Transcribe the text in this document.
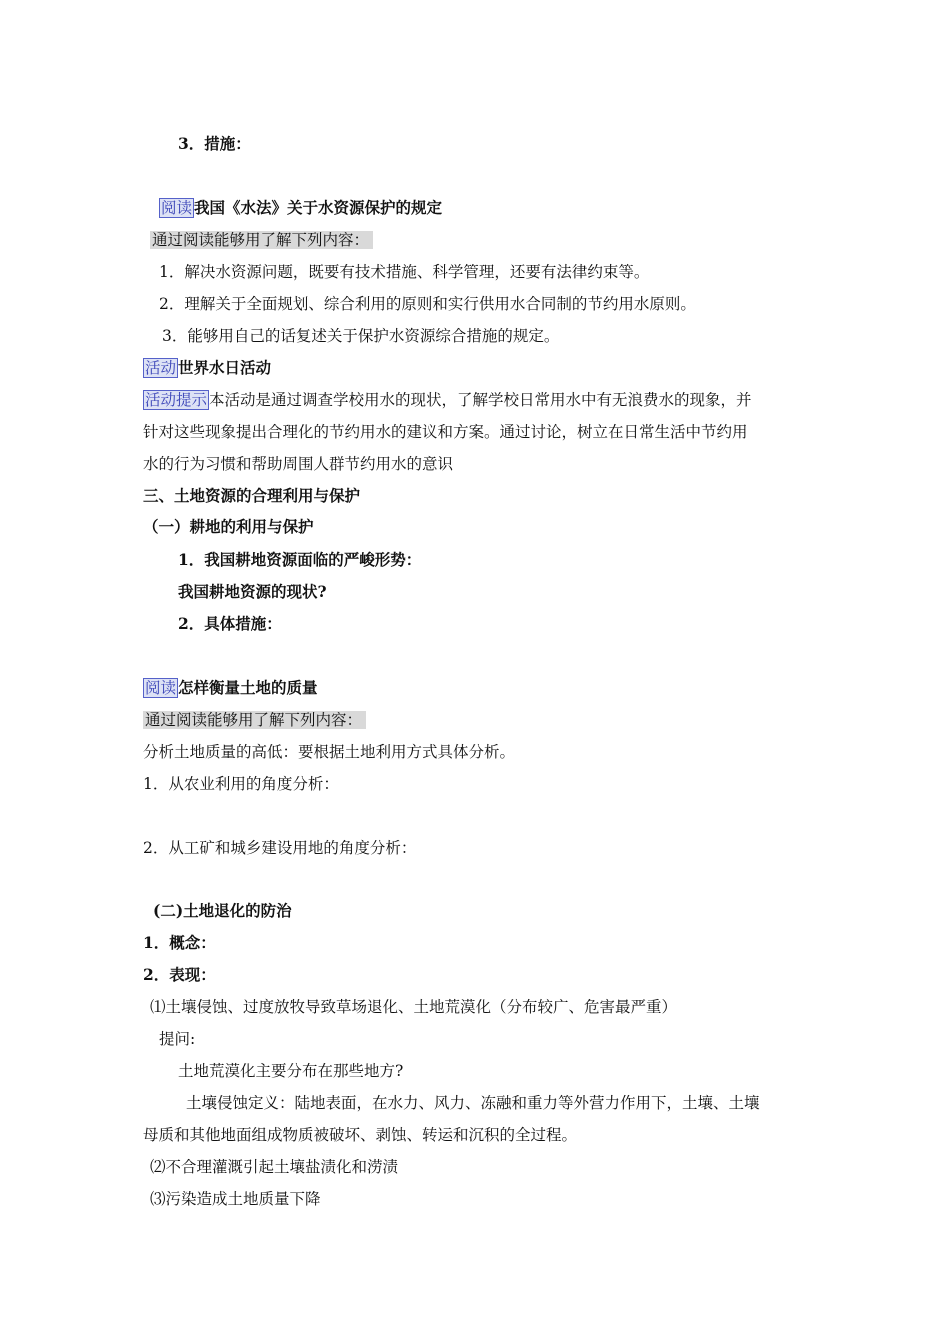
3．措施：
阅读 我国《水法》关于水资源保护的规定
通过阅读能够用了解下列内容：
1．解决水资源问题，既要有技术措施、科学管理，还要有法律约束等。
2．理解关于全面规划、综合利用的原则和实行供用水合同制的节约用水原则。
3．能够用自己的话复述关于保护水资源综合措施的规定。
活动 世界水日活动
活动提示 本活动是通过调查学校用水的现状，了解学校日常用水中有无浪费水的现象，并
针对这些现象提出合理化的节约用水的建议和方案。通过讨论，树立在日常生活中节约用
水的行为习惯和帮助周围人群节约用水的意识
三、土地资源的合理利用与保护
（一）耕地的利用与保护
1．我国耕地资源面临的严峻形势：
我国耕地资源的现状?
2．具体措施：
阅读 怎样衡量土地的质量
通过阅读能够用了解下列内容：
分析土地质量的高低：要根据土地利用方式具体分析。
1．从农业利用的角度分析：
2．从工矿和城乡建设用地的角度分析：
(二)土地退化的防治
1．概念：
2．表现：
⑴土壤侵蚀、过度放牧导致草场退化、土地荒漠化（分布较广、危害最严重）
提问:
土地荒漠化主要分布在那些地方?
土壤侵蚀定义：陆地表面，在水力、风力、冻融和重力等外营力作用下，土壤、土壤
母质和其他地面组成物质被破坏、剥蚀、转运和沉积的全过程。
⑵不合理灌溉引起土壤盐渍化和涝渍
⑶污染造成土地质量下降
